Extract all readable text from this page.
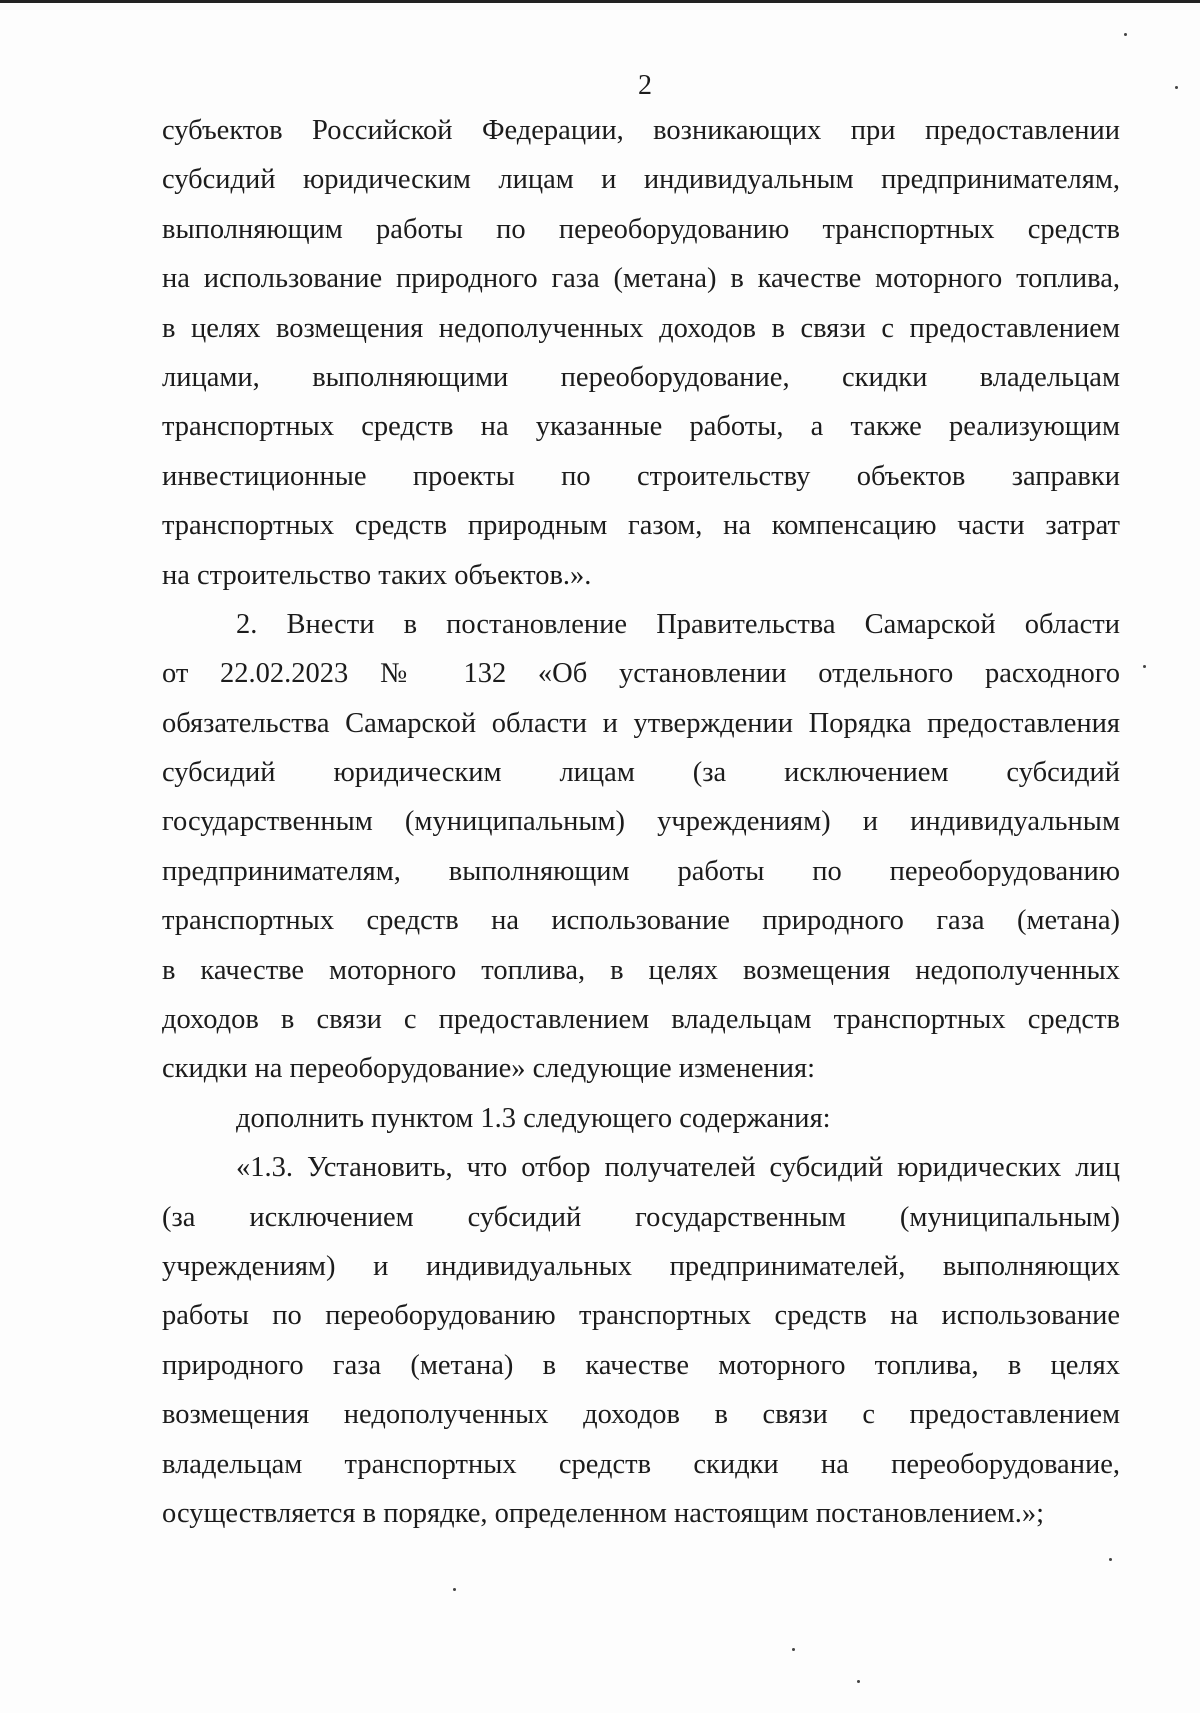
2
субъектов Российской Федерации, возникающих при предоставлении
субсидий юридическим лицам и индивидуальным предпринимателям,
выполняющим работы по переоборудованию транспортных средств
на использование природного газа (метана) в качестве моторного топлива,
в целях возмещения недополученных доходов в связи с предоставлением
лицами, выполняющими переоборудование, скидки владельцам
транспортных средств на указанные работы, а также реализующим
инвестиционные проекты по строительству объектов заправки
транспортных средств природным газом, на компенсацию части затрат
на строительство таких объектов.».
2. Внести в постановление Правительства Самарской области
от 22.02.2023 № 132 «Об установлении отдельного расходного
обязательства Самарской области и утверждении Порядка предоставления
субсидий юридическим лицам (за исключением субсидий
государственным (муниципальным) учреждениям) и индивидуальным
предпринимателям, выполняющим работы по переоборудованию
транспортных средств на использование природного газа (метана)
в качестве моторного топлива, в целях возмещения недополученных
доходов в связи с предоставлением владельцам транспортных средств
скидки на переоборудование» следующие изменения:
дополнить пунктом 1.3 следующего содержания:
«1.3. Установить, что отбор получателей субсидий юридических лиц
(за исключением субсидий государственным (муниципальным)
учреждениям) и индивидуальных предпринимателей, выполняющих
работы по переоборудованию транспортных средств на использование
природного газа (метана) в качестве моторного топлива, в целях
возмещения недополученных доходов в связи с предоставлением
владельцам транспортных средств скидки на переоборудование,
осуществляется в порядке, определенном настоящим постановлением.»;
